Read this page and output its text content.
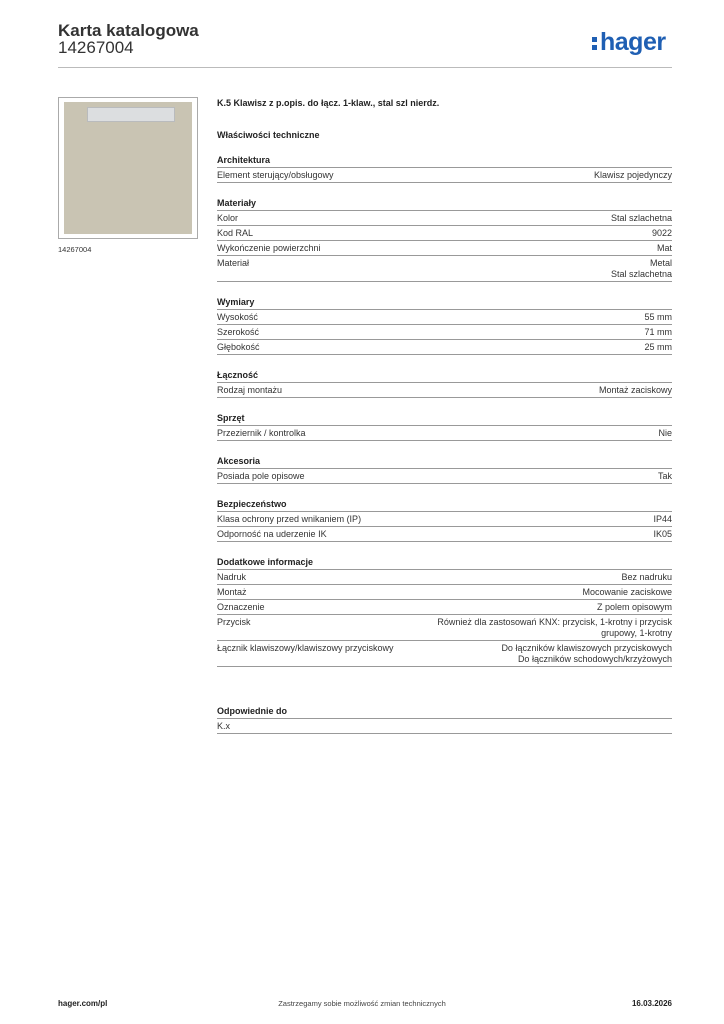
Karta katalogowa
14267004	hager
14267004
K.5 Klawisz z p.opis. do łącz. 1-klaw., stal szl nierdz.
Właściwości techniczne
Architektura
Element sterujący/obsługowy	Klawisz pojedynczy
Materiały
Kolor	Stal szlachetna
Kod RAL	9022
Wykończenie powierzchni	Mat
Materiał	Metal
Stal szlachetna
Wymiary
Wysokość	55 mm
Szerokość	71 mm
Głębokość	25 mm
Łączność
Rodzaj montażu	Montaż zaciskowy
Sprzęt
Przeziernik / kontrolka	Nie
Akcesoria
Posiada pole opisowe	Tak
Bezpieczeństwo
Klasa ochrony przed wnikaniem (IP)	IP44
Odporność na uderzenie IK	IK05
Dodatkowe informacje
Nadruk	Bez nadruku
Montaż	Mocowanie zaciskowe
Oznaczenie	Z polem opisowym
Przycisk	Również dla zastosowań KNX: przycisk, 1-krotny i przycisk
grupowy, 1-krotny
Łącznik klawiszowy/klawiszowy przyciskowy	Do łączników klawiszowych przyciskowych
Do łączników schodowych/krzyżowych
Odpowiednie do
K.x
hager.com/pl	Zastrzegamy sobie możliwość zmian technicznych	16.03.2026
